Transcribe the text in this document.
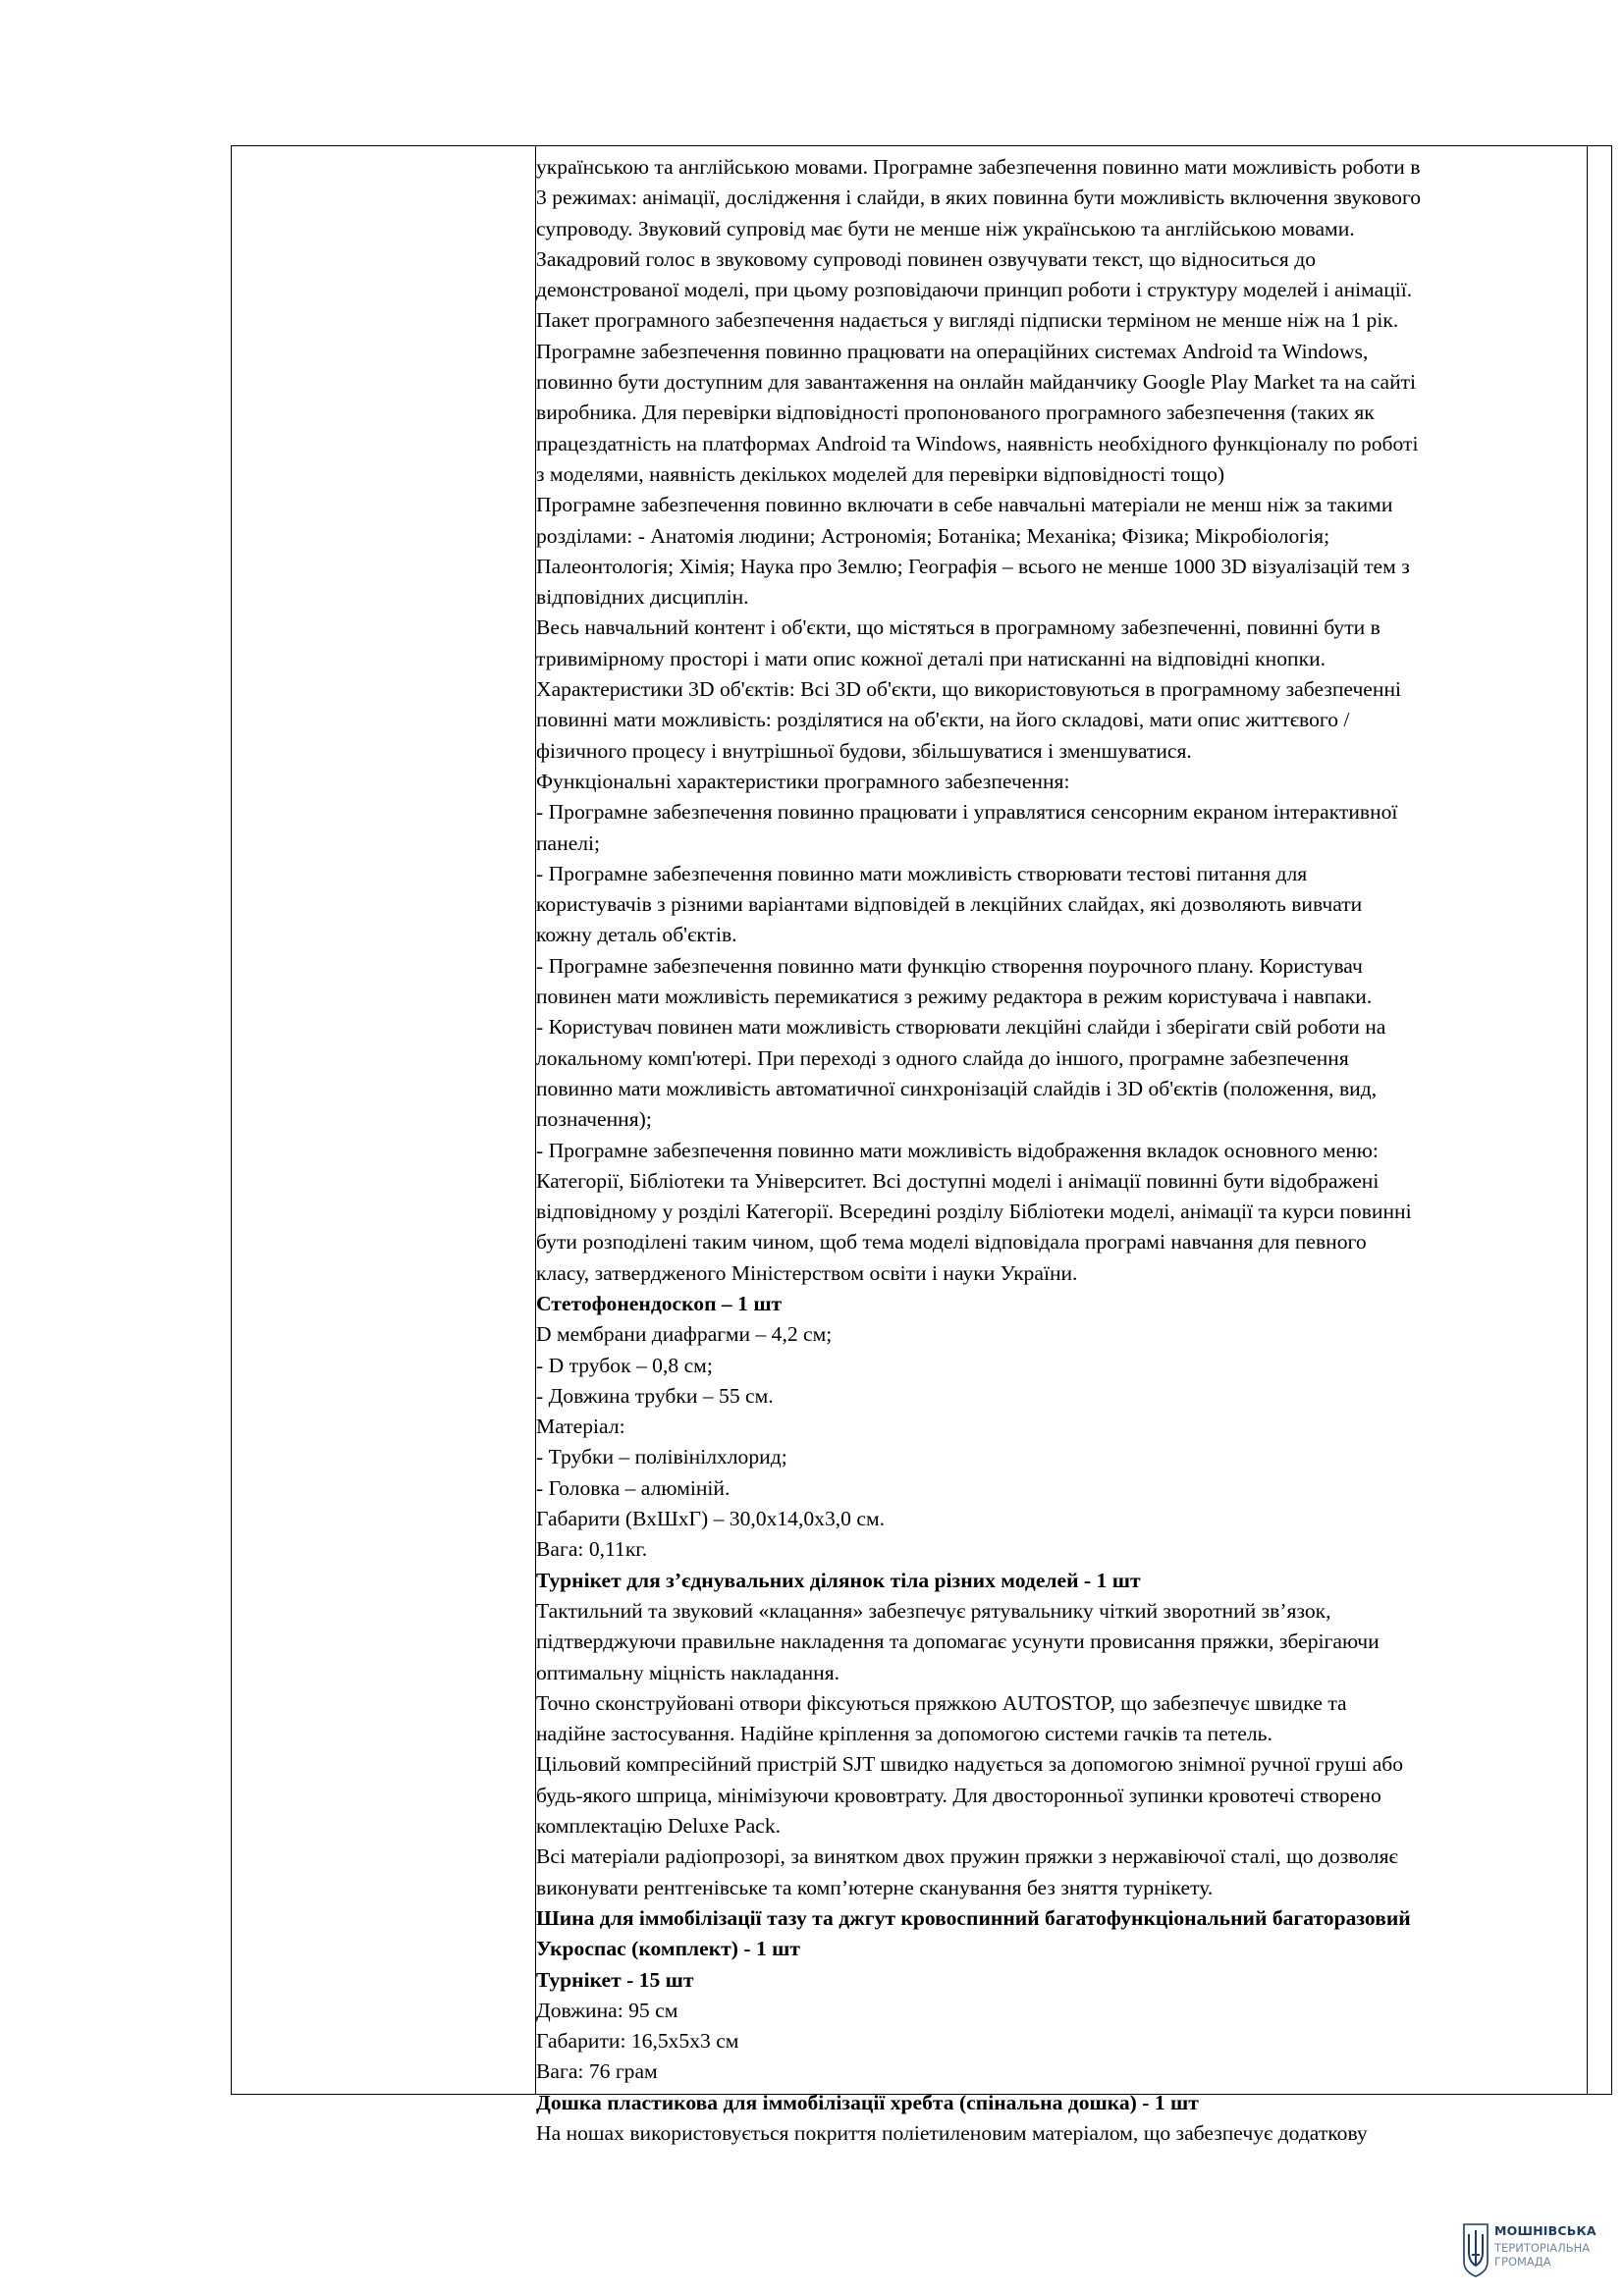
українською та англійською мовами. Програмне забезпечення повинно мати можливість роботи в

3 режимах: анімації, дослідження і слайди, в яких повинна бути можливість включення звукового

супроводу. Звуковий супровід має бути не менше ніж українською та англійською мовами.

Закадровий голос в звуковому супроводі повинен озвучувати текст, що відноситься до

демонстрованої моделі, при цьому розповідаючи принцип роботи і структуру моделей і анімації.

Пакет програмного забезпечення надається у вигляді підписки терміном не менше ніж на 1 рік.

Програмне забезпечення повинно працювати на операційних системах Android та Windows,

повинно бути доступним для завантаження на онлайн майданчику Google Play Market та на сайті

виробника. Для перевірки відповідності пропонованого програмного забезпечення (таких як

працездатність на платформах Android та Windows, наявність необхідного функціоналу по роботі

з моделями, наявність декількох моделей для перевірки відповідності тощо)

Програмне забезпечення повинно включати в себе навчальні матеріали не менш ніж за такими

розділами: - Анатомія людини; Астрономія; Ботаніка; Механіка; Фізика; Мікробіологія;

Палеонтологія; Хімія; Наука про Землю; Географія – всього не менше 1000 3D візуалізацій тем з

відповідних дисциплін.

Весь навчальний контент і об'єкти, що містяться в програмному забезпеченні, повинні бути в

тривимірному просторі і мати опис кожної деталі при натисканні на відповідні кнопки.

Характеристики 3D об'єктів: Всі 3D об'єкти, що використовуються в програмному забезпеченні

повинні мати можливість: розділятися на об'єкти, на його складові, мати опис життєвого /

фізичного процесу і внутрішньої будови, збільшуватися і зменшуватися.

Функціональні характеристики програмного забезпечення:

- Програмне забезпечення повинно працювати і управлятися сенсорним екраном інтерактивної

панелі;

- Програмне забезпечення повинно мати можливість створювати тестові питання для

користувачів з різними варіантами відповідей в лекційних слайдах, які дозволяють вивчати

кожну деталь об'єктів.

- Програмне забезпечення повинно мати функцію створення поурочного плану. Користувач

повинен мати можливість перемикатися з режиму редактора в режим користувача і навпаки.

- Користувач повинен мати можливість створювати лекційні слайди і зберігати свій роботи на

локальному комп'ютері. При переході з одного слайда до іншого, програмне забезпечення

повинно мати можливість автоматичної синхронізацій слайдів і 3D об'єктів (положення, вид,

позначення);

- Програмне забезпечення повинно мати можливість відображення вкладок основного меню:

Категорії, Бібліотеки та Університет. Всі доступні моделі і анімації повинні бути відображені

відповідному у розділі Категорії. Всередині розділу Бібліотеки моделі, анімації та курси повинні

бути розподілені таким чином, щоб тема моделі відповідала програмі навчання для певного

класу, затвердженого Міністерством освіти і науки України.

Стетофонендоскоп – 1 шт

D мембрани диафрагми – 4,2 см;

- D трубок – 0,8 см;

- Довжина трубки – 55 см.

Матеріал:

- Трубки – полівінілхлорид;

- Головка – алюміній.

Габарити (ВхШхГ) – 30,0х14,0х3,0 см.

Вага: 0,11кг.

Турнікет для з’єднувальних ділянок тіла різних моделей - 1 шт

Тактильний та звуковий «клацання» забезпечує рятувальнику чіткий зворотний зв’язок,

підтверджуючи правильне накладення та допомагає усунути провисання пряжки, зберігаючи

оптимальну міцність накладання.

Точно сконструйовані отвори фіксуються пряжкою AUTOSTOP, що забезпечує швидке та

надійне застосування. Надійне кріплення за допомогою системи гачків та петель.

Цільовий компресійний пристрій SJT швидко надується за допомогою знімної ручної груші або

будь-якого шприца, мінімізуючи крововтрату. Для двосторонньої зупинки кровотечі створено

комплектацію Deluxe Pack.

Всі матеріали радіопрозорі, за винятком двох пружин пряжки з нержавіючої сталі, що дозволяє

виконувати рентгенівське та комп’ютерне сканування без зняття турнікету.

Шина для іммобілізації тазу та джгут кровоспинний багатофункціональний багаторазовий

Укроспас (комплект) - 1 шт

Турнікет - 15 шт

Довжина: 95 см

Габарити: 16,5х5х3 см

Вага: 76 грам

Дошка пластикова для іммобілізації хребта (спінальна дошка) - 1 шт

На ношах використовується покриття поліетиленовим матеріалом, що забезпечує додаткову

МОШНІВСЬКА
ТЕРИТОРІАЛЬНА
ГРОМАДА
